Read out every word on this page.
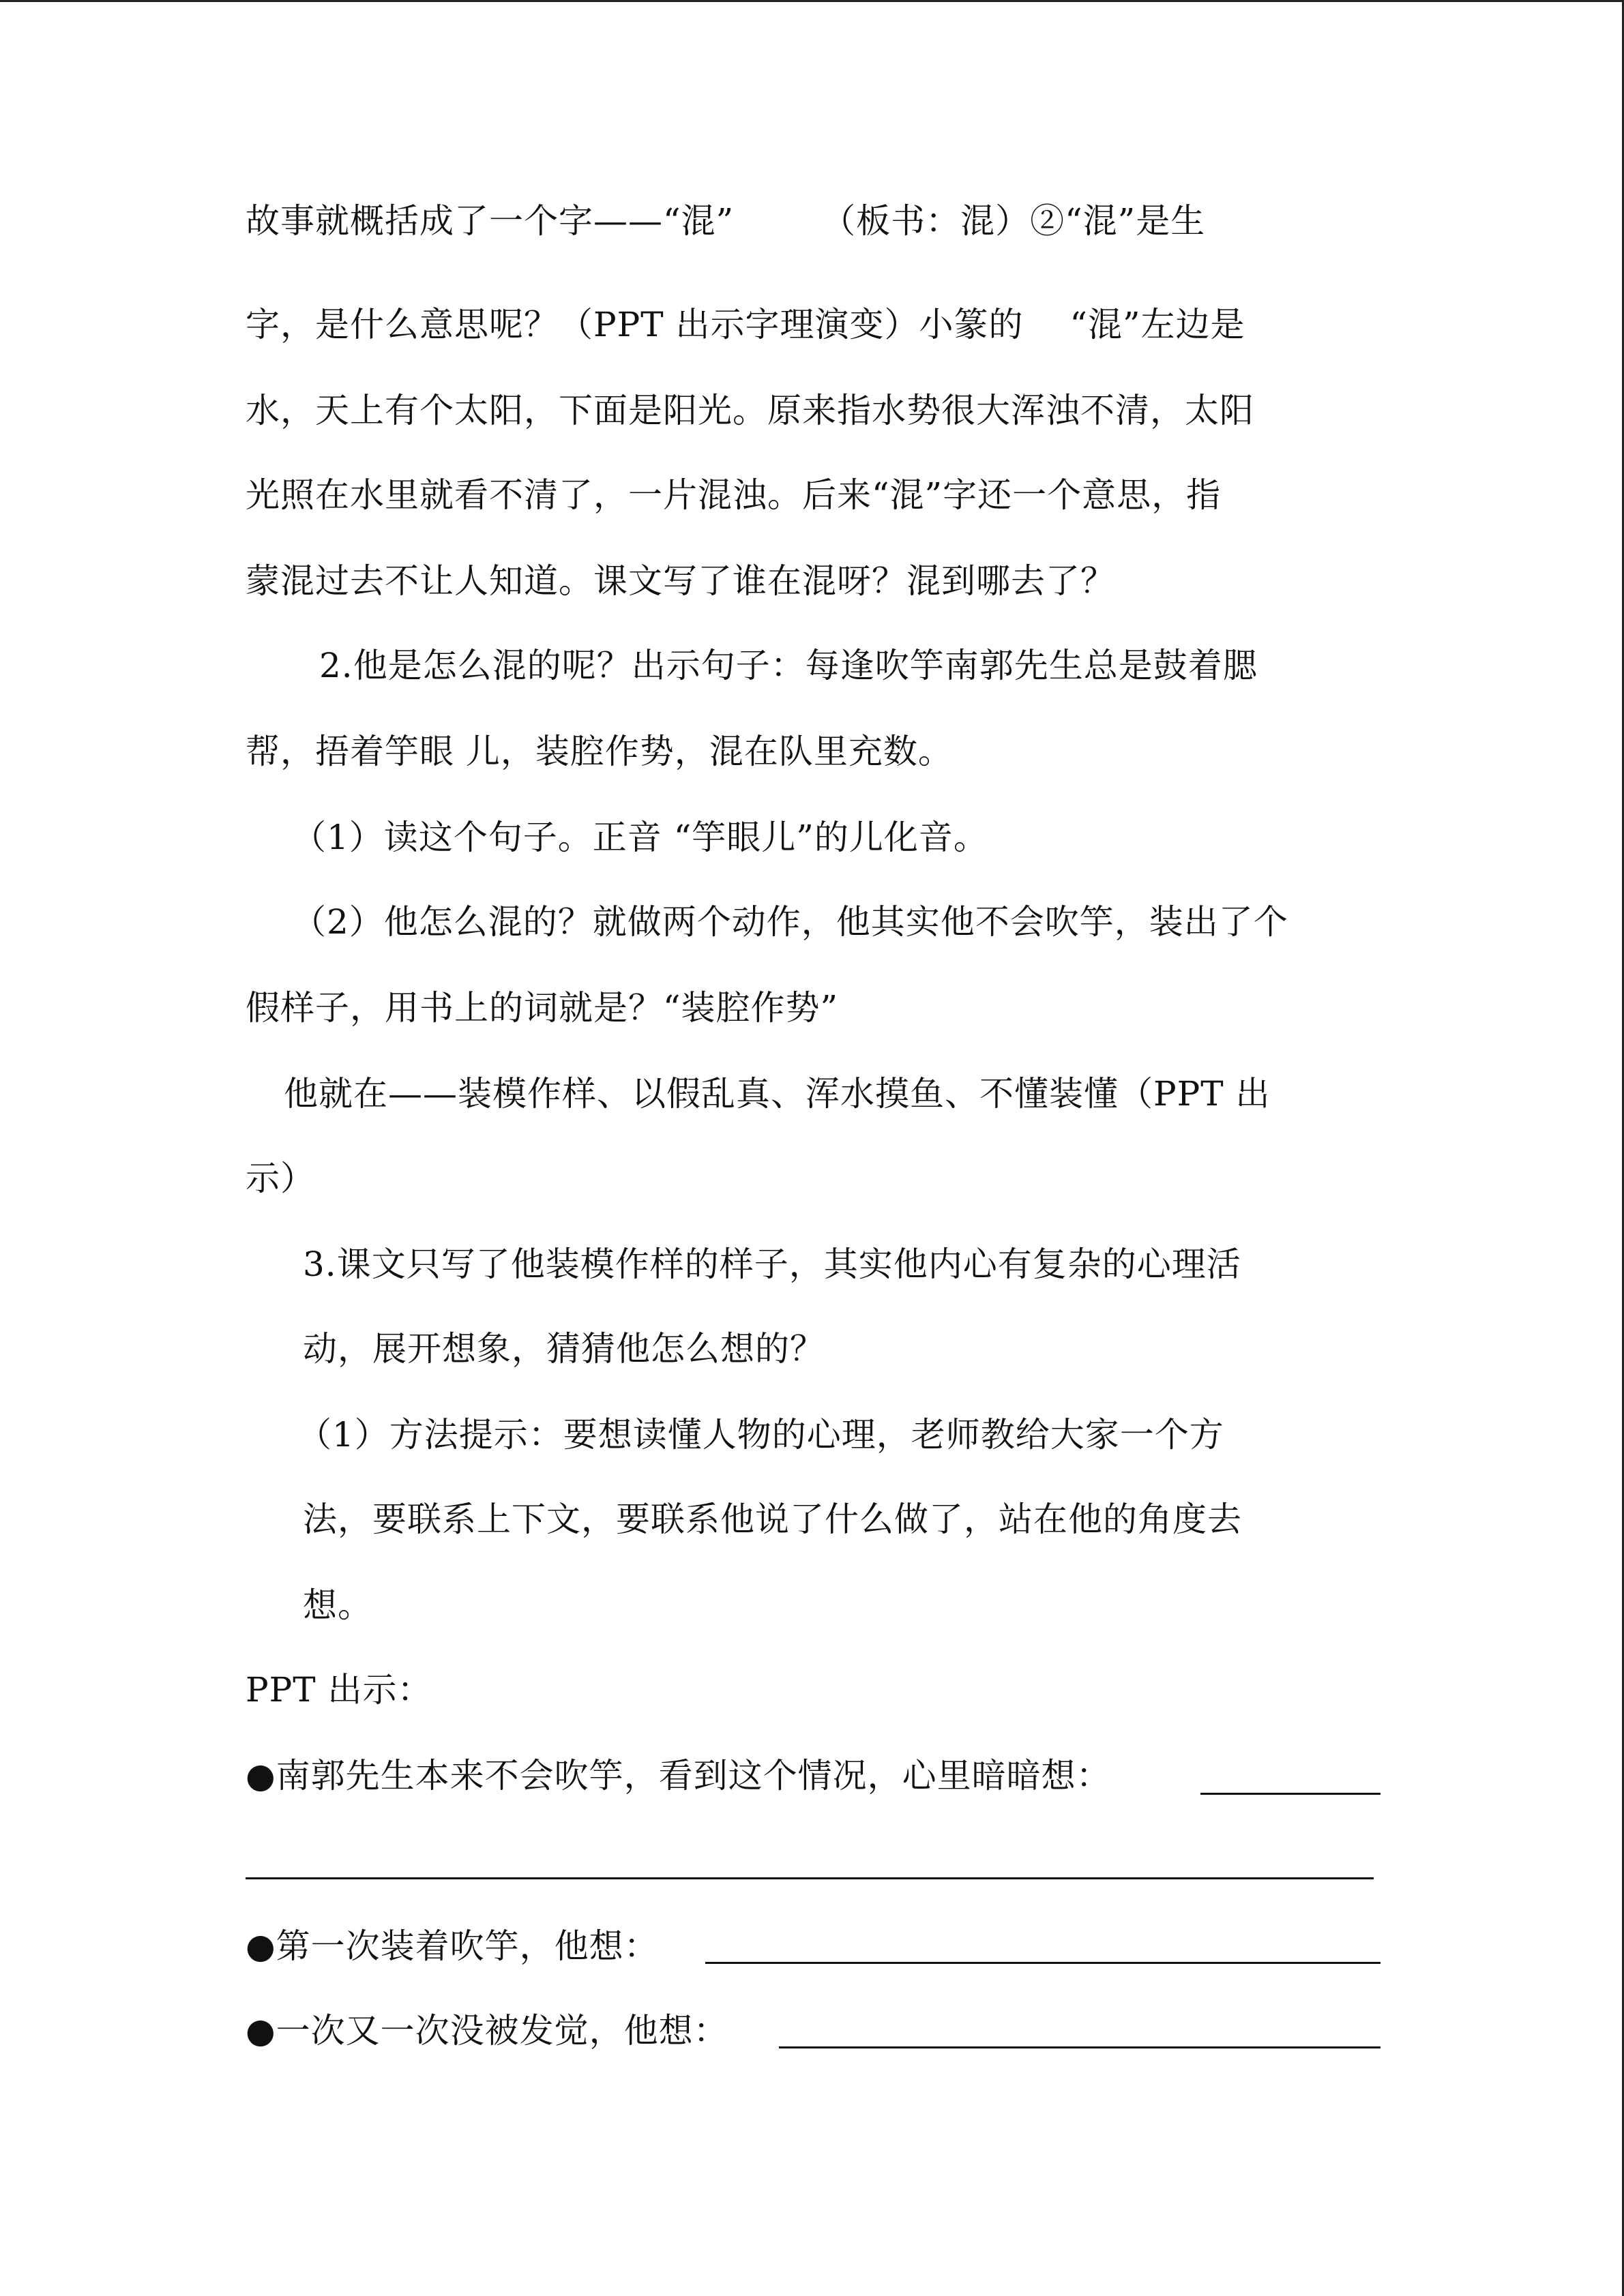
故事就概括成了一个字——“混”　　　（板书：混）②“混”是生
字，是什么意思呢？（PPT 出示字理演变）小篆的　 “混”左边是
水，天上有个太阳，下面是阳光。原来指水势很大浑浊不清，太阳
光照在水里就看不清了，一片混浊。后来“混”字还一个意思，指
蒙混过去不让人知道。课文写了谁在混呀？混到哪去了？
2.他是怎么混的呢？出示句子：每逢吹竽南郭先生总是鼓着腮
帮，捂着竽眼 儿，装腔作势，混在队里充数。
（1）读这个句子。正音 “竽眼儿”的儿化音。
（2）他怎么混的？就做两个动作，他其实他不会吹竽，装出了个
假样子，用书上的词就是？“装腔作势”
他就在——装模作样、以假乱真、浑水摸鱼、不懂装懂（PPT 出
示）
3.课文只写了他装模作样的样子，其实他内心有复杂的心理活
动，展开想象，猜猜他怎么想的？
（1）方法提示：要想读懂人物的心理，老师教给大家一个方
法，要联系上下文，要联系他说了什么做了，站在他的角度去
想。
PPT 出示：
●南郭先生本来不会吹竽，看到这个情况，心里暗暗想：
●第一次装着吹竽，他想：
●一次又一次没被发觉，他想：
